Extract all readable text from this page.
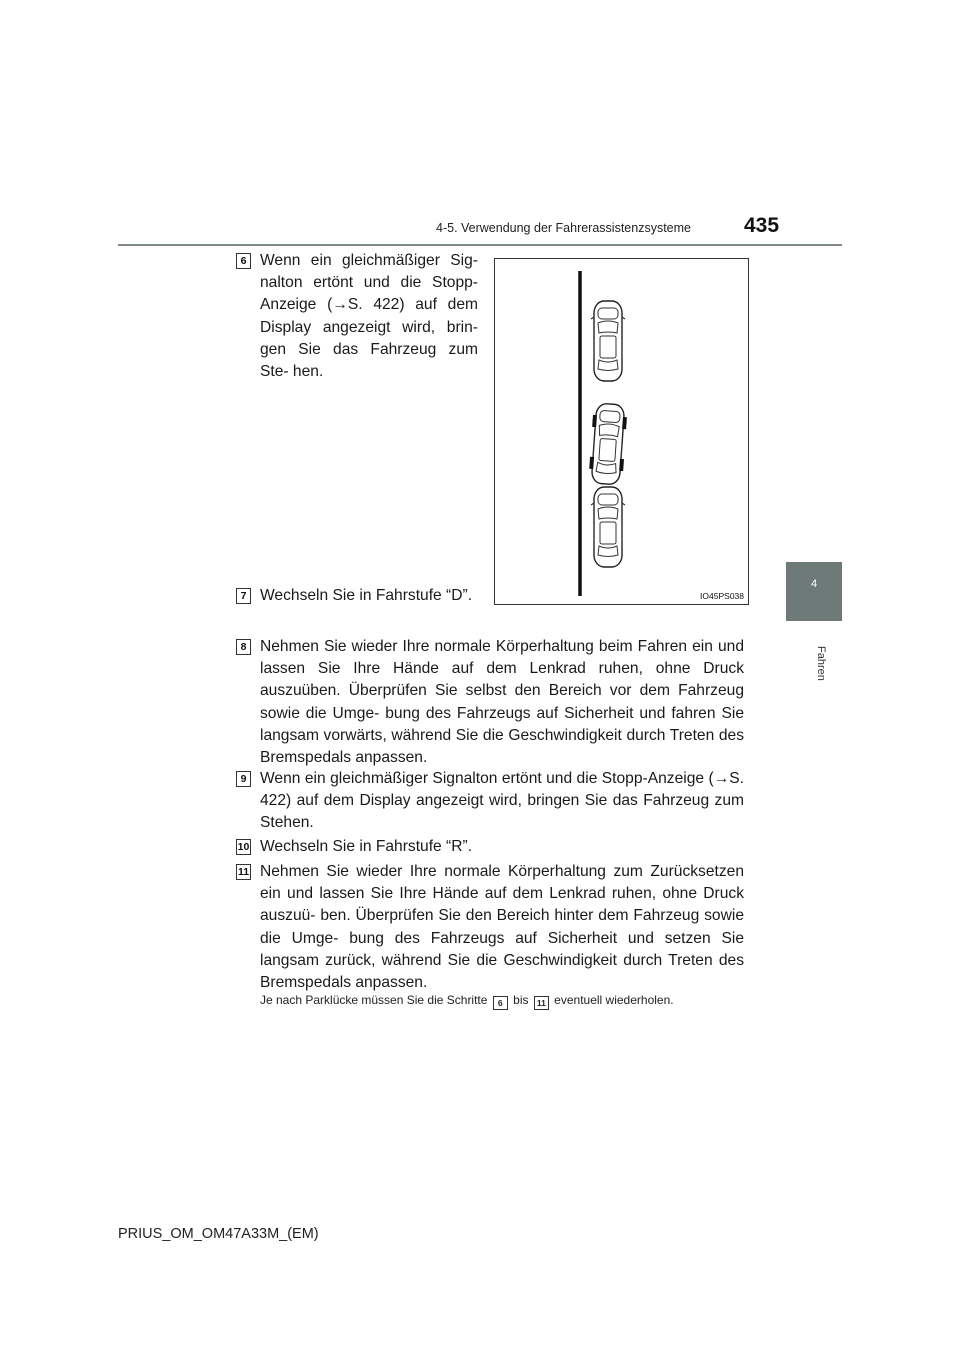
4-5. Verwendung der Fahrerassistenzsysteme	435
4
Fahren
6 Wenn ein gleichmäßiger Sig- nalton ertönt und die Stopp- Anzeige (→S. 422) auf dem Display angezeigt wird, brin- gen Sie das Fahrzeug zum Ste- hen.
IO45PS038
7 Wechseln Sie in Fahrstufe “D”.
8 Nehmen Sie wieder Ihre normale Körperhaltung beim Fahren ein und lassen Sie Ihre Hände auf dem Lenkrad ruhen, ohne Druck auszuüben. Überprüfen Sie selbst den Bereich vor dem Fahrzeug sowie die Umge- bung des Fahrzeugs auf Sicherheit und fahren Sie langsam vorwärts, während Sie die Geschwindigkeit durch Treten des Bremspedals anpassen.
9 Wenn ein gleichmäßiger Signalton ertönt und die Stopp-Anzeige (→S. 422) auf dem Display angezeigt wird, bringen Sie das Fahrzeug zum Stehen.
10 Wechseln Sie in Fahrstufe “R”.
11 Nehmen Sie wieder Ihre normale Körperhaltung zum Zurücksetzen ein und lassen Sie Ihre Hände auf dem Lenkrad ruhen, ohne Druck auszuü- ben. Überprüfen Sie den Bereich hinter dem Fahrzeug sowie die Umge- bung des Fahrzeugs auf Sicherheit und setzen Sie langsam zurück, während Sie die Geschwindigkeit durch Treten des Bremspedals anpassen.
Je nach Parklücke müssen Sie die Schritte 6 bis 11 eventuell wiederholen.
PRIUS_OM_OM47A33M_(EM)
